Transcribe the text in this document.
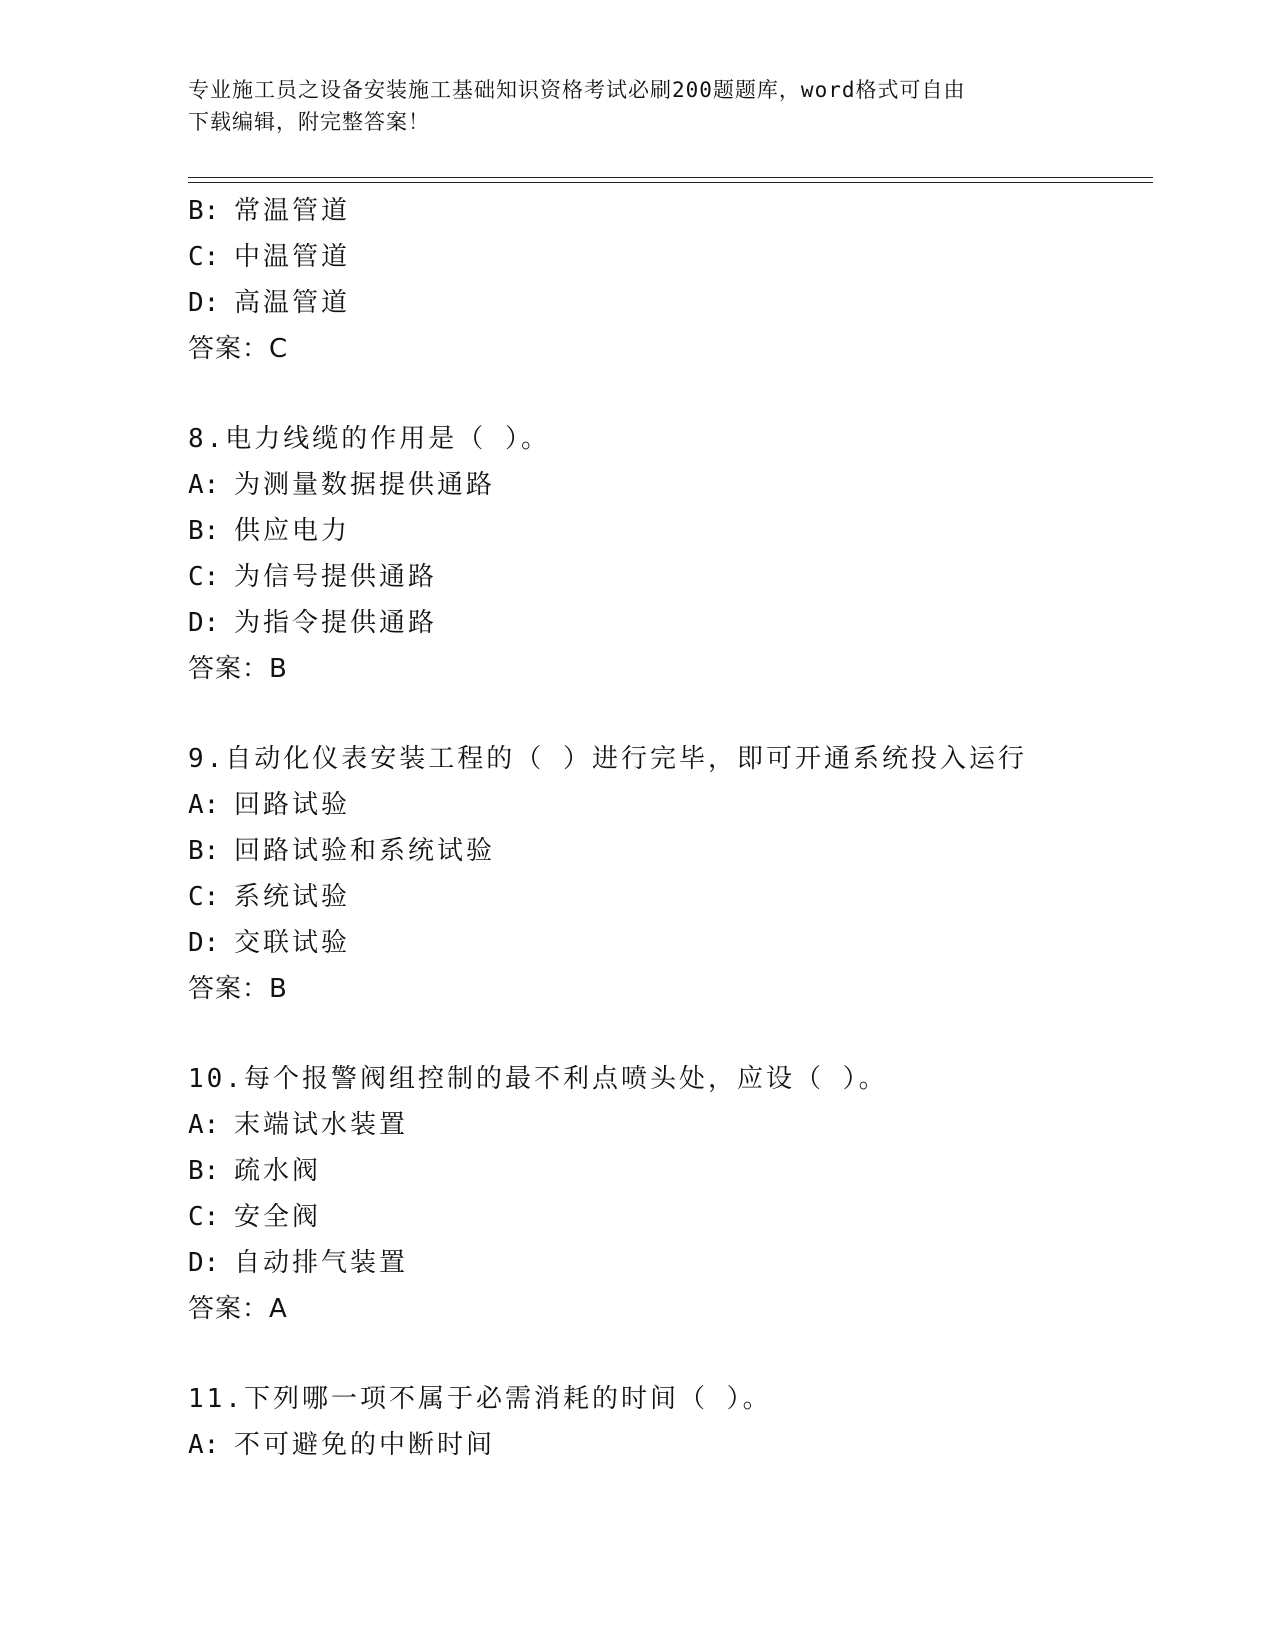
专业施工员之设备安装施工基础知识资格考试必刷200题题库，word格式可自由
下载编辑，附完整答案！
B: 常温管道
C: 中温管道
D: 高温管道
答案：C
8.电力线缆的作用是（ ）。
A: 为测量数据提供通路
B: 供应电力
C: 为信号提供通路
D: 为指令提供通路
答案：B
9.自动化仪表安装工程的（ ）进行完毕，即可开通系统投入运行
A: 回路试验
B: 回路试验和系统试验
C: 系统试验
D: 交联试验
答案：B
10.每个报警阀组控制的最不利点喷头处，应设（ ）。
A: 末端试水装置
B: 疏水阀
C: 安全阀
D: 自动排气装置
答案：A
11.下列哪一项不属于必需消耗的时间（ ）。
A: 不可避免的中断时间
